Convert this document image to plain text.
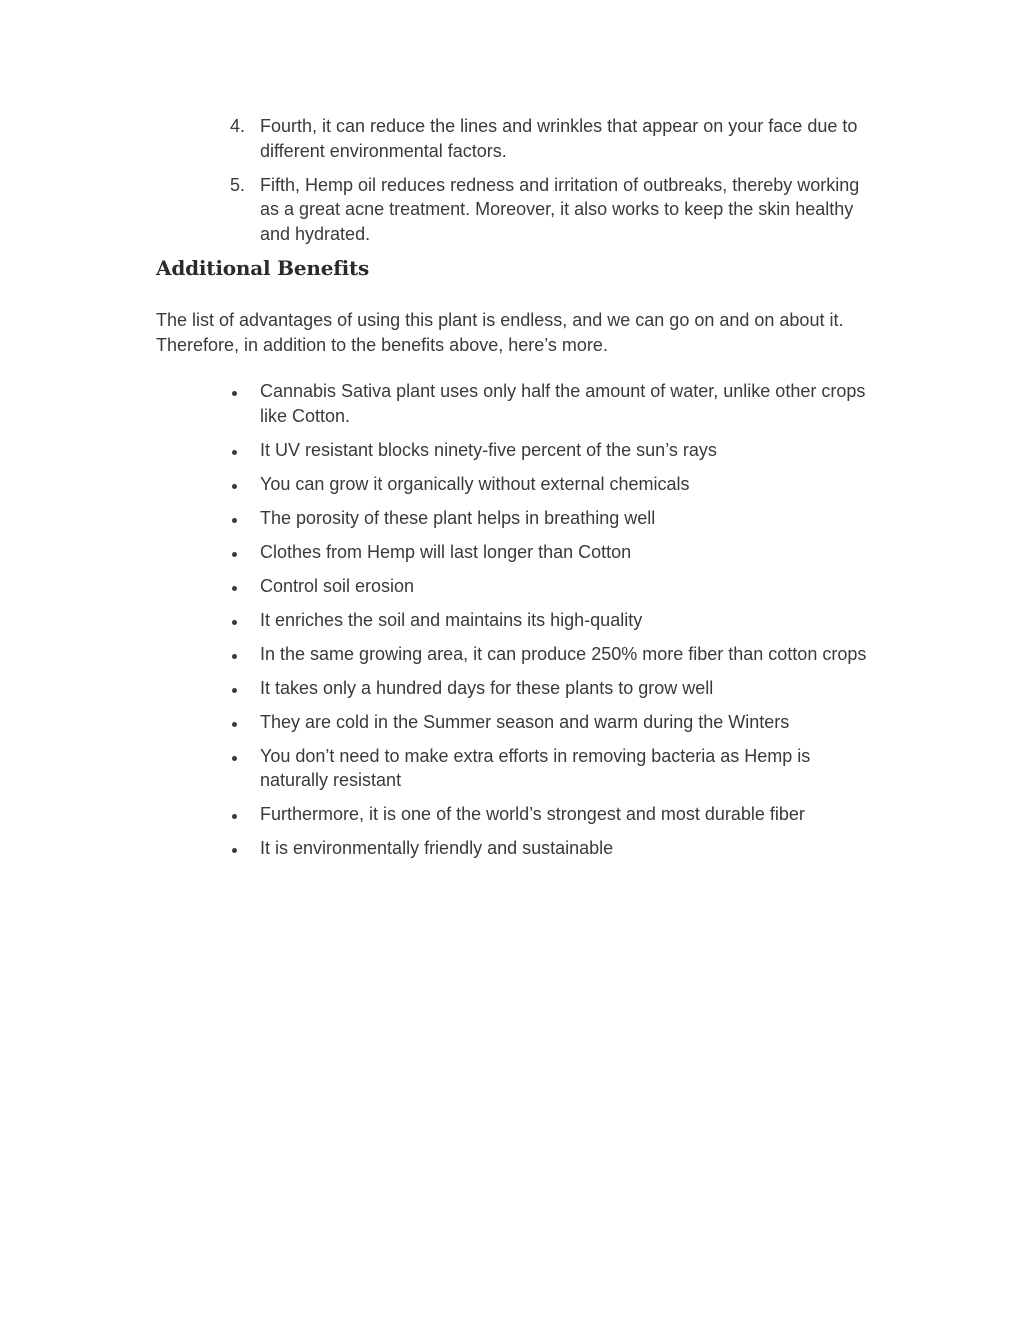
4. Fourth, it can reduce the lines and wrinkles that appear on your face due to different environmental factors.
5. Fifth, Hemp oil reduces redness and irritation of outbreaks, thereby working as a great acne treatment. Moreover, it also works to keep the skin healthy and hydrated.
Additional Benefits

The list of advantages of using this plant is endless, and we can go on and on about it. Therefore, in addition to the benefits above, here’s more.

Cannabis Sativa plant uses only half the amount of water, unlike other crops like Cotton.
It UV resistant blocks ninety-five percent of the sun’s rays
You can grow it organically without external chemicals
The porosity of these plant helps in breathing well
Clothes from Hemp will last longer than Cotton
Control soil erosion
It enriches the soil and maintains its high-quality
In the same growing area, it can produce 250% more fiber than cotton crops
It takes only a hundred days for these plants to grow well
They are cold in the Summer season and warm during the Winters
You don’t need to make extra efforts in removing bacteria as Hemp is naturally resistant
Furthermore, it is one of the world’s strongest and most durable fiber
It is environmentally friendly and sustainable
